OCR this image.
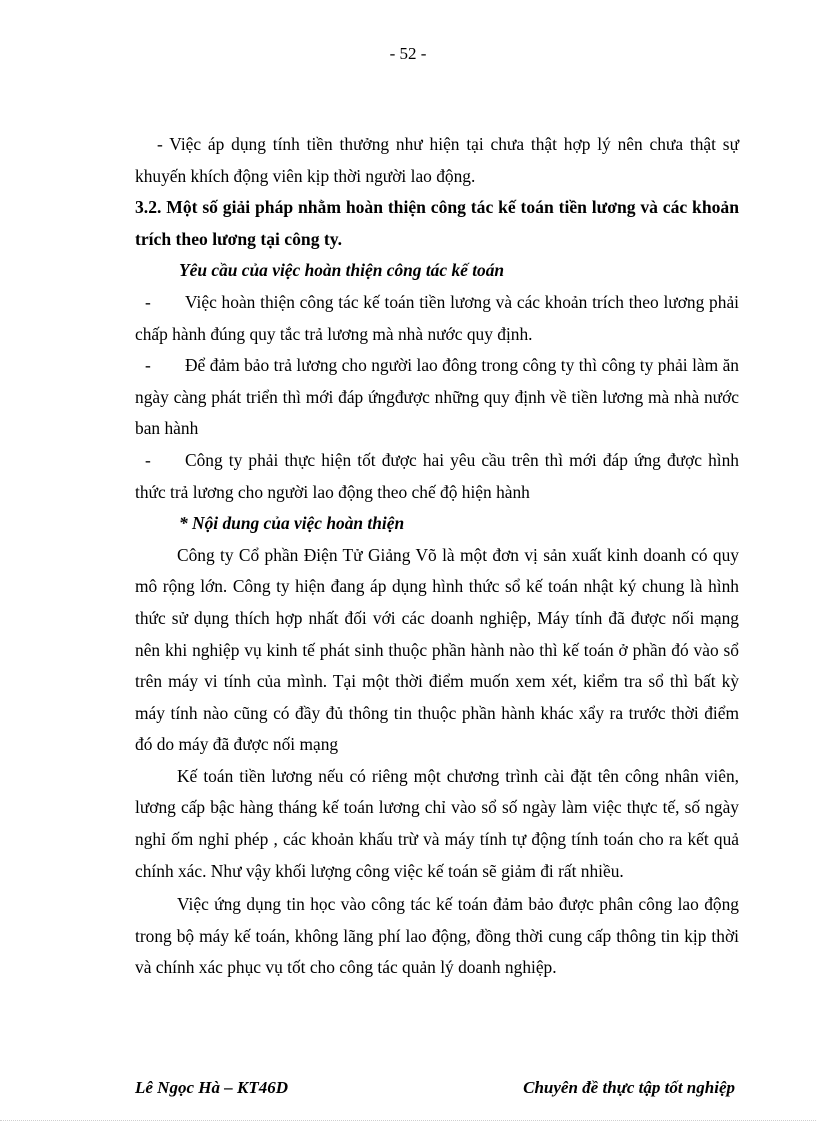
- 52 -

- Việc áp dụng tính tiền thưởng như hiện tại chưa thật hợp lý nên chưa thật sự khuyến khích động viên kịp thời người lao động.

3.2. Một số giải pháp nhằm hoàn thiện công tác kế toán tiền lương và các khoản trích theo lương tại công ty.

Yêu cầu của việc hoàn thiện công tác kế toán

- Việc hoàn thiện công tác kế toán tiền lương và các khoản trích theo lương phải chấp hành đúng quy tắc trả lương mà nhà nước quy định.

- Để đảm bảo trả lương cho người lao đông trong công ty thì công ty phải làm ăn ngày càng phát triển thì mới đáp ứngđược những quy định về tiền lương mà nhà nước ban hành

- Công ty phải thực hiện tốt được hai yêu cầu trên thì mới đáp ứng được hình thức trả lương cho người lao động theo chế độ hiện hành

* Nội dung của việc hoàn thiện

Công ty Cổ phần Điện Tử Giảng Võ là một đơn vị sản xuất kinh doanh có quy mô rộng lớn. Công ty hiện đang áp dụng hình thức sổ kế toán nhật ký chung là hình thức sử dụng thích hợp nhất đối với các doanh nghiệp, Máy tính đã được nối mạng nên khi nghiệp vụ kinh tế phát sinh thuộc phần hành nào thì kế toán ở phần đó vào sổ trên máy vi tính của mình. Tại một thời điểm muốn xem xét, kiểm tra sổ thì bất kỳ máy tính nào cũng có đầy đủ thông tin thuộc phần hành khác xẩy ra trước thời điểm đó do máy đã được nối mạng

Kế toán tiền lương nếu có riêng một chương trình cài đặt tên công nhân viên, lương cấp bậc hàng tháng kế toán lương chỉ vào sổ số ngày làm việc thực tế, số ngày nghỉ ốm nghỉ phép , các khoản khấu trừ và máy tính tự động tính toán cho ra kết quả chính xác. Như vậy khối lượng công việc kế toán sẽ giảm đi rất nhiều.

Việc ứng dụng tin học vào công tác kế toán đảm bảo được phân công lao động trong bộ máy kế toán, không lãng phí lao động, đồng thời cung cấp thông tin kịp thời và chính xác phục vụ tốt cho công tác quản lý doanh nghiệp.

Lê Ngọc Hà – KT46D	Chuyên đề thực tập tốt nghiệp
